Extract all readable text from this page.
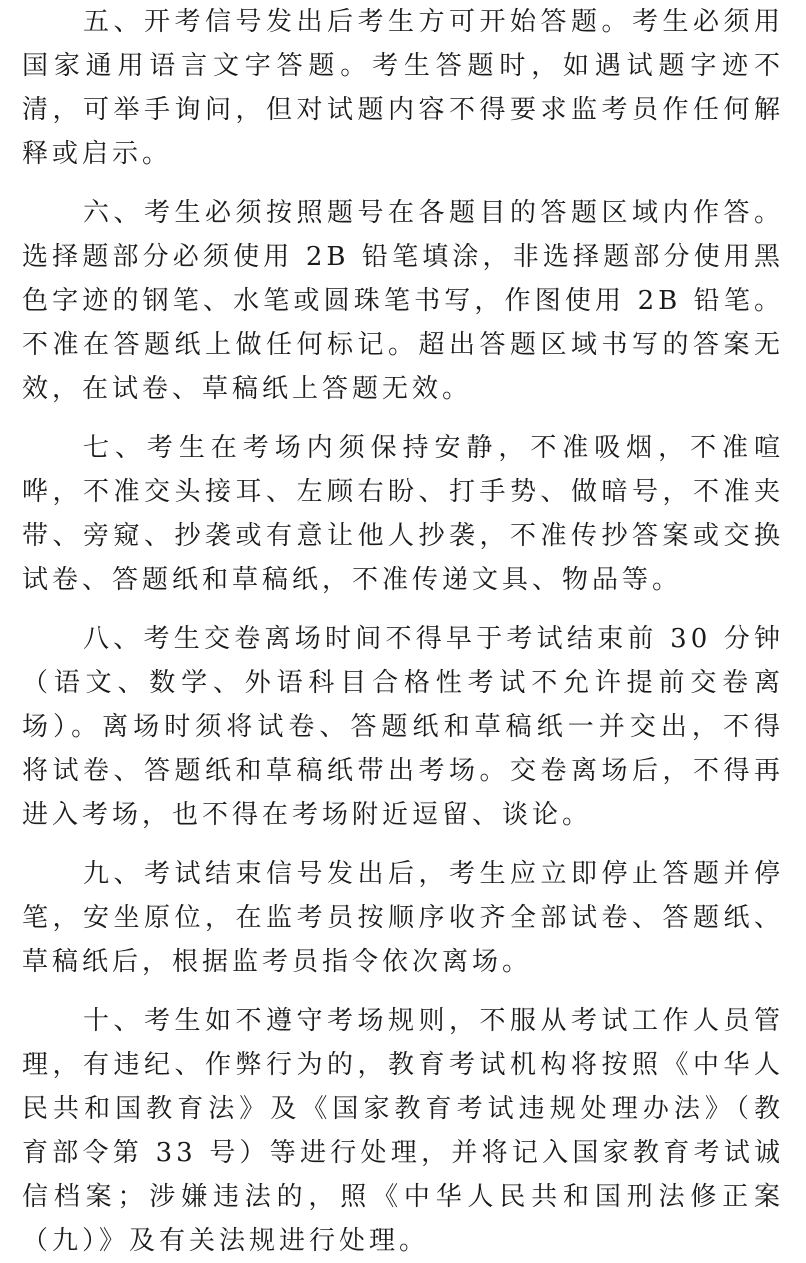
五、开考信号发出后考生方可开始答题。考生必须用国家通用语言文字答题。考生答题时，如遇试题字迹不清，可举手询问，但对试题内容不得要求监考员作任何解释或启示。

六、考生必须按照题号在各题目的答题区域内作答。选择题部分必须使用 2B 铅笔填涂，非选择题部分使用黑色字迹的钢笔、水笔或圆珠笔书写，作图使用 2B 铅笔。不准在答题纸上做任何标记。超出答题区域书写的答案无效，在试卷、草稿纸上答题无效。

七、考生在考场内须保持安静，不准吸烟，不准喧哗，不准交头接耳、左顾右盼、打手势、做暗号，不准夹带、旁窥、抄袭或有意让他人抄袭，不准传抄答案或交换试卷、答题纸和草稿纸，不准传递文具、物品等。

八、考生交卷离场时间不得早于考试结束前 30 分钟（语文、数学、外语科目合格性考试不允许提前交卷离场）。离场时须将试卷、答题纸和草稿纸一并交出，不得将试卷、答题纸和草稿纸带出考场。交卷离场后，不得再进入考场，也不得在考场附近逗留、谈论。

九、考试结束信号发出后，考生应立即停止答题并停笔，安坐原位，在监考员按顺序收齐全部试卷、答题纸、草稿纸后，根据监考员指令依次离场。

十、考生如不遵守考场规则，不服从考试工作人员管理，有违纪、作弊行为的，教育考试机构将按照《中华人民共和国教育法》及《国家教育考试违规处理办法》（教育部令第 33 号）等进行处理，并将记入国家教育考试诚信档案；涉嫌违法的，照《中华人民共和国刑法修正案（九）》及有关法规进行处理。
